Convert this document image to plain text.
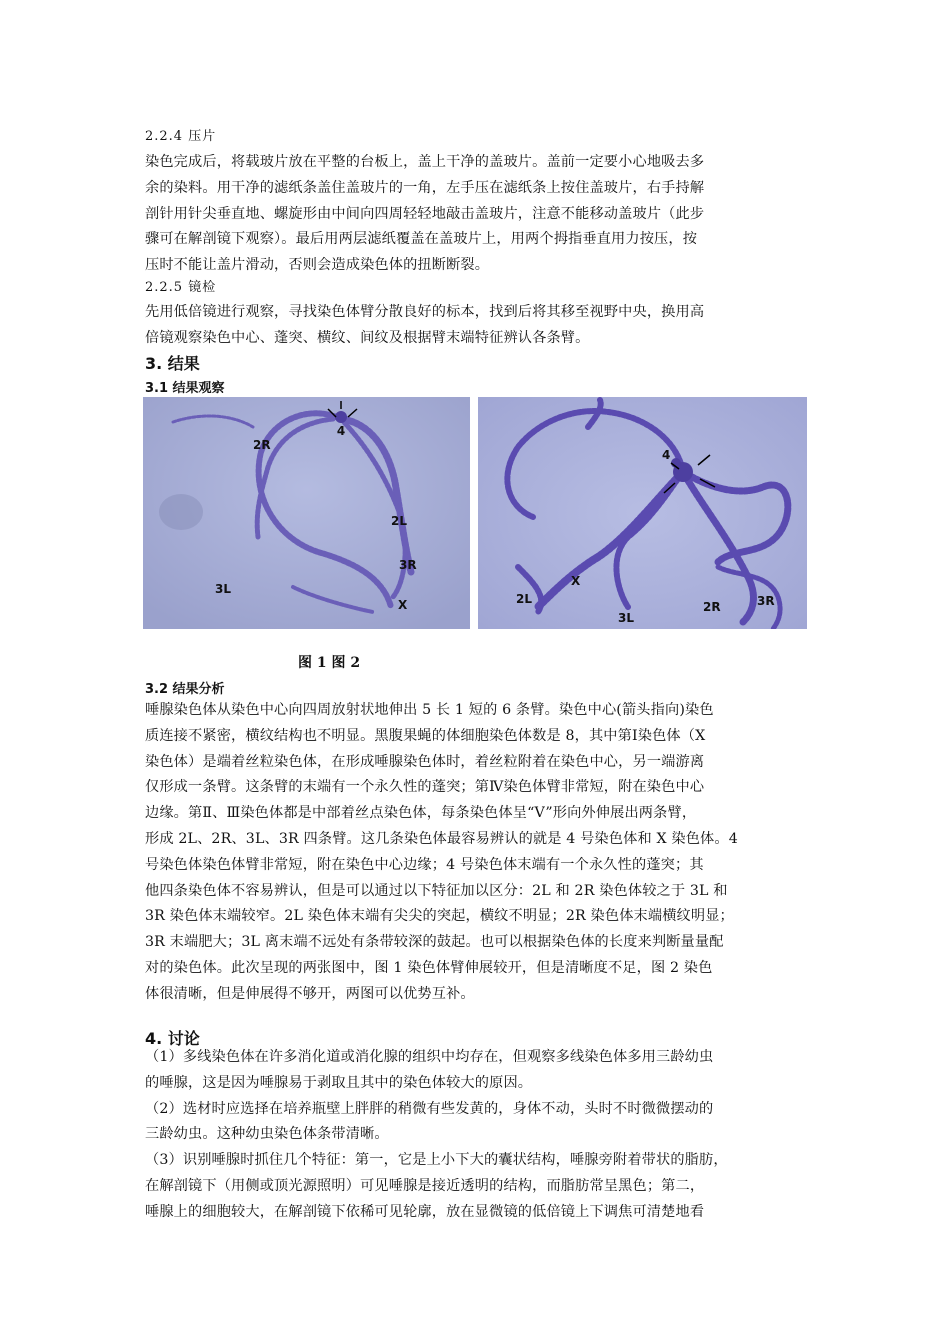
2.2.4 压片

染色完成后，将载玻片放在平整的台板上，盖上干净的盖玻片。盖前一定要小心地吸去多

余的染料。用干净的滤纸条盖住盖玻片的一角，左手压在滤纸条上按住盖玻片，右手持解

剖针用针尖垂直地、螺旋形由中间向四周轻轻地敲击盖玻片，注意不能移动盖玻片（此步

骤可在解剖镜下观察）。最后用两层滤纸覆盖在盖玻片上，用两个拇指垂直用力按压，按

压时不能让盖片滑动，否则会造成染色体的扭断断裂。

2.2.5 镜检

先用低倍镜进行观察，寻找染色体臂分散良好的标本，找到后将其移至视野中央，换用高

倍镜观察染色中心、蓬突、横纹、间纹及根据臂末端特征辨认各条臂。

3. 结果
3.1 结果观察
4
2R
2L
3R
3L
X
4
X
2L
3L
2R	3R
图 1 图 2
3.2 结果分析

唾腺染色体从染色中心向四周放射状地伸出 5 长 1 短的 6 条臂。染色中心(箭头指向)染色

质连接不紧密，横纹结构也不明显。黑腹果蝇的体细胞染色体数是 8，其中第Ⅰ染色体（X

染色体）是端着丝粒染色体，在形成唾腺染色体时，着丝粒附着在染色中心，另一端游离

仅形成一条臂。这条臂的末端有一个永久性的蓬突；第Ⅳ染色体臂非常短，附在染色中心

边缘。第Ⅱ、Ⅲ染色体都是中部着丝点染色体，每条染色体呈“V”形向外伸展出两条臂，

形成 2L、2R、3L、3R 四条臂。这几条染色体最容易辨认的就是 4 号染色体和 X 染色体。4

号染色体染色体臂非常短，附在染色中心边缘；4 号染色体末端有一个永久性的蓬突；其

他四条染色体不容易辨认，但是可以通过以下特征加以区分：2L 和 2R 染色体较之于 3L 和

3R 染色体末端较窄。2L 染色体末端有尖尖的突起，横纹不明显；2R 染色体末端横纹明显；

3R 末端肥大；3L 离末端不远处有条带较深的鼓起。也可以根据染色体的长度来判断量量配

对的染色体。此次呈现的两张图中，图 1 染色体臂伸展较开，但是清晰度不足，图 2 染色

体很清晰，但是伸展得不够开，两图可以优势互补。

4. 讨论

（1）多线染色体在许多消化道或消化腺的组织中均存在，但观察多线染色体多用三龄幼虫

的唾腺，这是因为唾腺易于剥取且其中的染色体较大的原因。

（2）选材时应选择在培养瓶壁上胖胖的稍微有些发黄的，身体不动，头时不时微微摆动的

三龄幼虫。这种幼虫染色体条带清晰。

（3）识别唾腺时抓住几个特征：第一，它是上小下大的囊状结构，唾腺旁附着带状的脂肪，

在解剖镜下（用侧或顶光源照明）可见唾腺是接近透明的结构，而脂肪常呈黑色；第二，

唾腺上的细胞较大，在解剖镜下依稀可见轮廓，放在显微镜的低倍镜上下调焦可清楚地看
